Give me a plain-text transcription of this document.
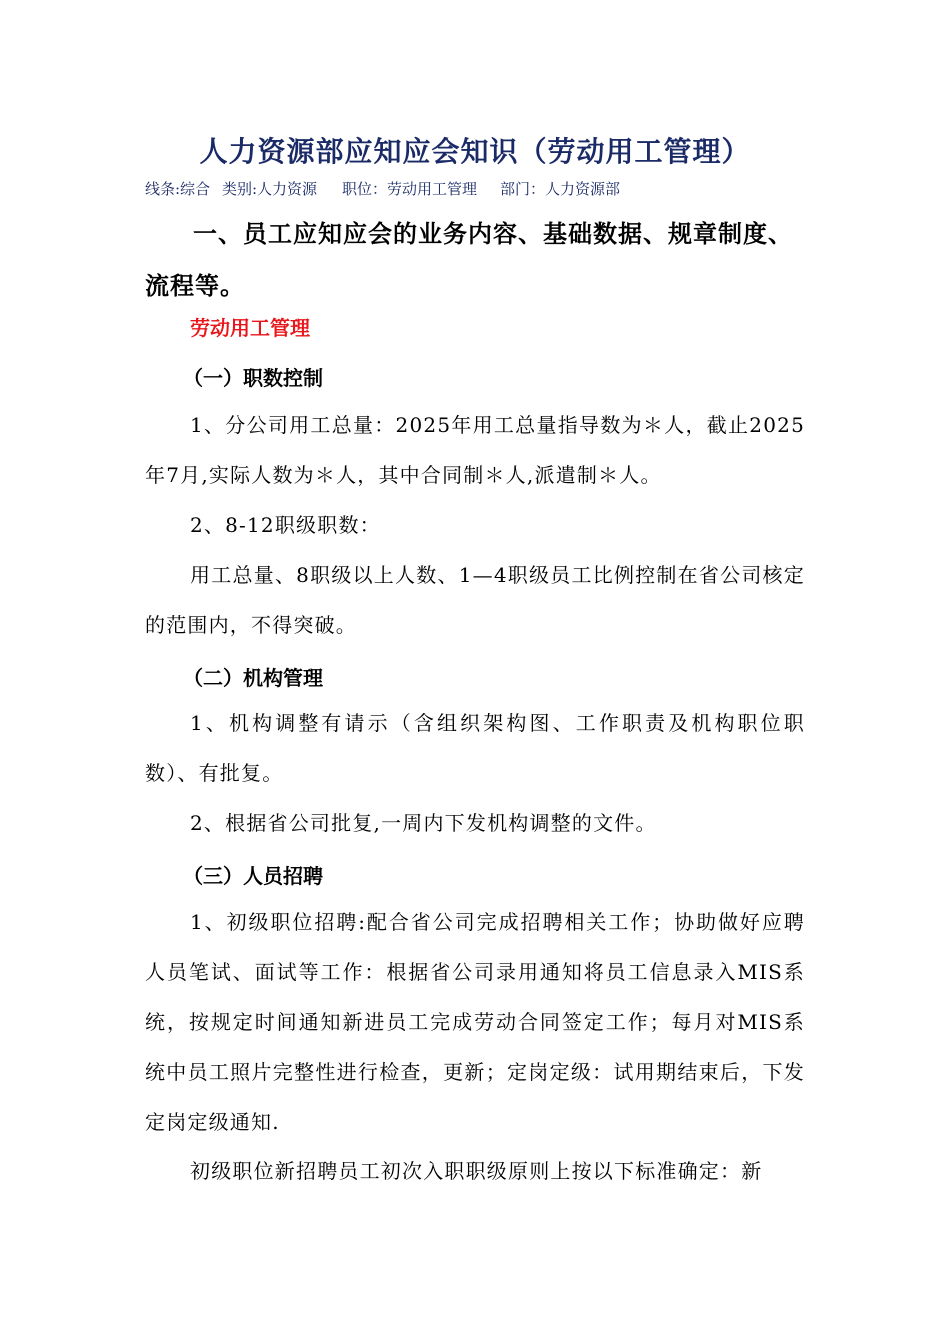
人力资源部应知应会知识（劳动用工管理）
线条:综合 类别:人力资源 职位：劳动用工管理 部门：人力资源部
一、员工应知应会的业务内容、基础数据、规章制度、流程等。
劳动用工管理
（一）职数控制
1、分公司用工总量：2025年用工总量指导数为＊人，截止2025年7月,实际人数为＊人，其中合同制＊人,派遣制＊人。
2、8-12职级职数：
用工总量、8职级以上人数、1—4职级员工比例控制在省公司核定的范围内，不得突破。
（二）机构管理
1、机构调整有请示（含组织架构图、工作职责及机构职位职数）、有批复。
2、根据省公司批复,一周内下发机构调整的文件。
（三）人员招聘
1、初级职位招聘:配合省公司完成招聘相关工作；协助做好应聘人员笔试、面试等工作：根据省公司录用通知将员工信息录入MIS系统，按规定时间通知新进员工完成劳动合同签定工作；每月对MIS系统中员工照片完整性进行检查，更新；定岗定级：试用期结束后，下发定岗定级通知.
初级职位新招聘员工初次入职职级原则上按以下标准确定：新
